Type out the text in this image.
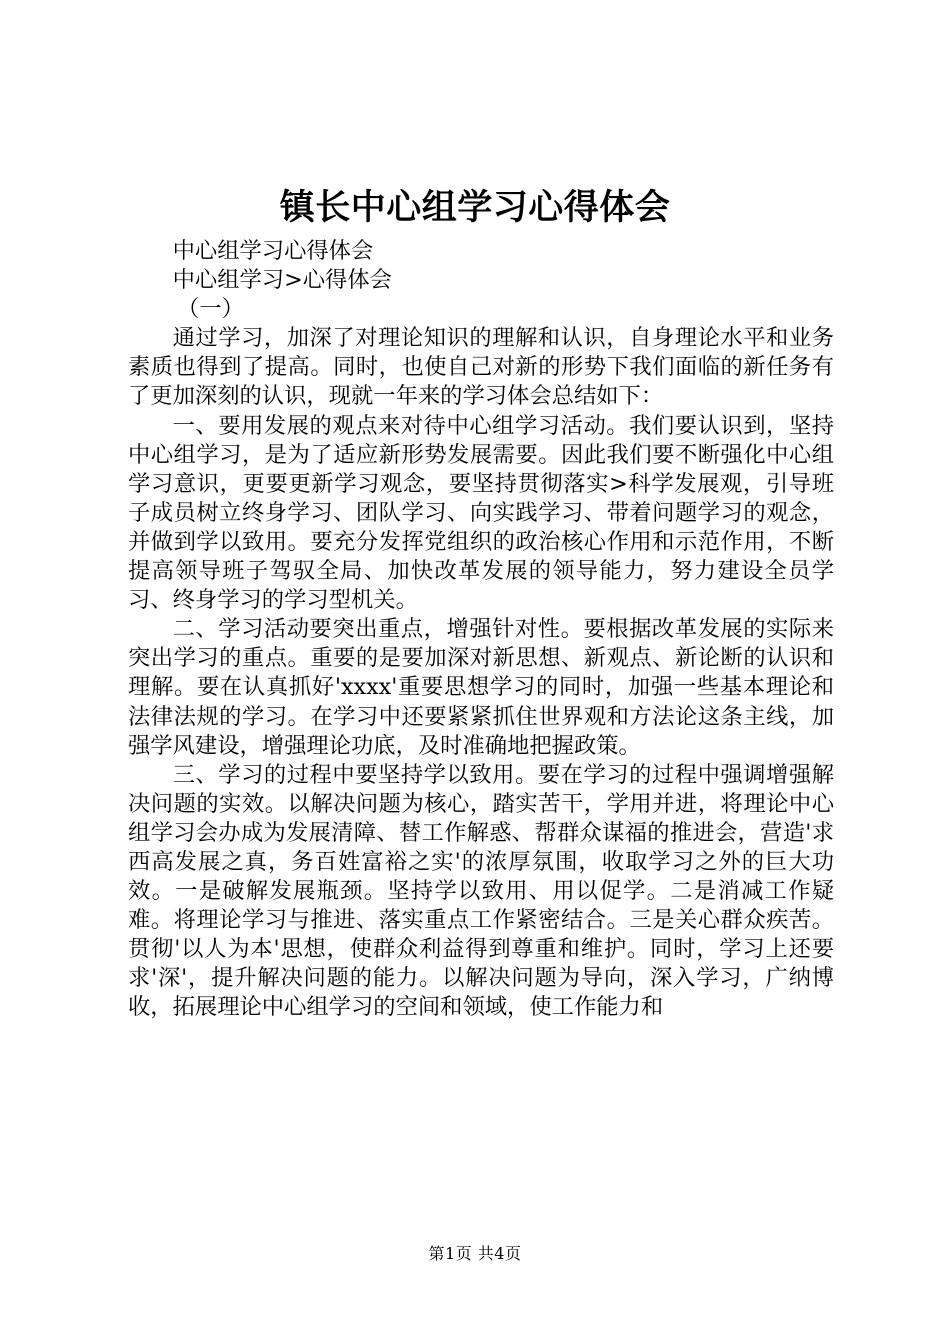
镇长中心组学习心得体会

中心组学习心得体会

中心组学习>心得体会

（一）

通过学习，加深了对理论知识的理解和认识，自身理论水平和业务素质也得到了提高。同时，也使自己对新的形势下我们面临的新任务有了更加深刻的认识，现就一年来的学习体会总结如下：

一、要用发展的观点来对待中心组学习活动。我们要认识到，坚持中心组学习，是为了适应新形势发展需要。因此我们要不断强化中心组学习意识，更要更新学习观念，要坚持贯彻落实>科学发展观，引导班子成员树立终身学习、团队学习、向实践学习、带着问题学习的观念，并做到学以致用。要充分发挥党组织的政治核心作用和示范作用，不断提高领导班子驾驭全局、加快改革发展的领导能力，努力建设全员学习、终身学习的学习型机关。

二、学习活动要突出重点，增强针对性。要根据改革发展的实际来突出学习的重点。重要的是要加深对新思想、新观点、新论断的认识和理解。要在认真抓好'xxxx'重要思想学习的同时，加强一些基本理论和法律法规的学习。在学习中还要紧紧抓住世界观和方法论这条主线，加强学风建设，增强理论功底，及时准确地把握政策。

三、学习的过程中要坚持学以致用。要在学习的过程中强调增强解决问题的实效。以解决问题为核心，踏实苦干，学用并进，将理论中心组学习会办成为发展清障、替工作解惑、帮群众谋福的推进会，营造'求西高发展之真，务百姓富裕之实'的浓厚氛围，收取学习之外的巨大功效。一是破解发展瓶颈。坚持学以致用、用以促学。二是消减工作疑难。将理论学习与推进、落实重点工作紧密结合。三是关心群众疾苦。贯彻'以人为本'思想，使群众利益得到尊重和维护。同时，学习上还要求'深'，提升解决问题的能力。以解决问题为导向，深入学习，广纳博收，拓展理论中心组学习的空间和领域，使工作能力和

第1页 共4页
